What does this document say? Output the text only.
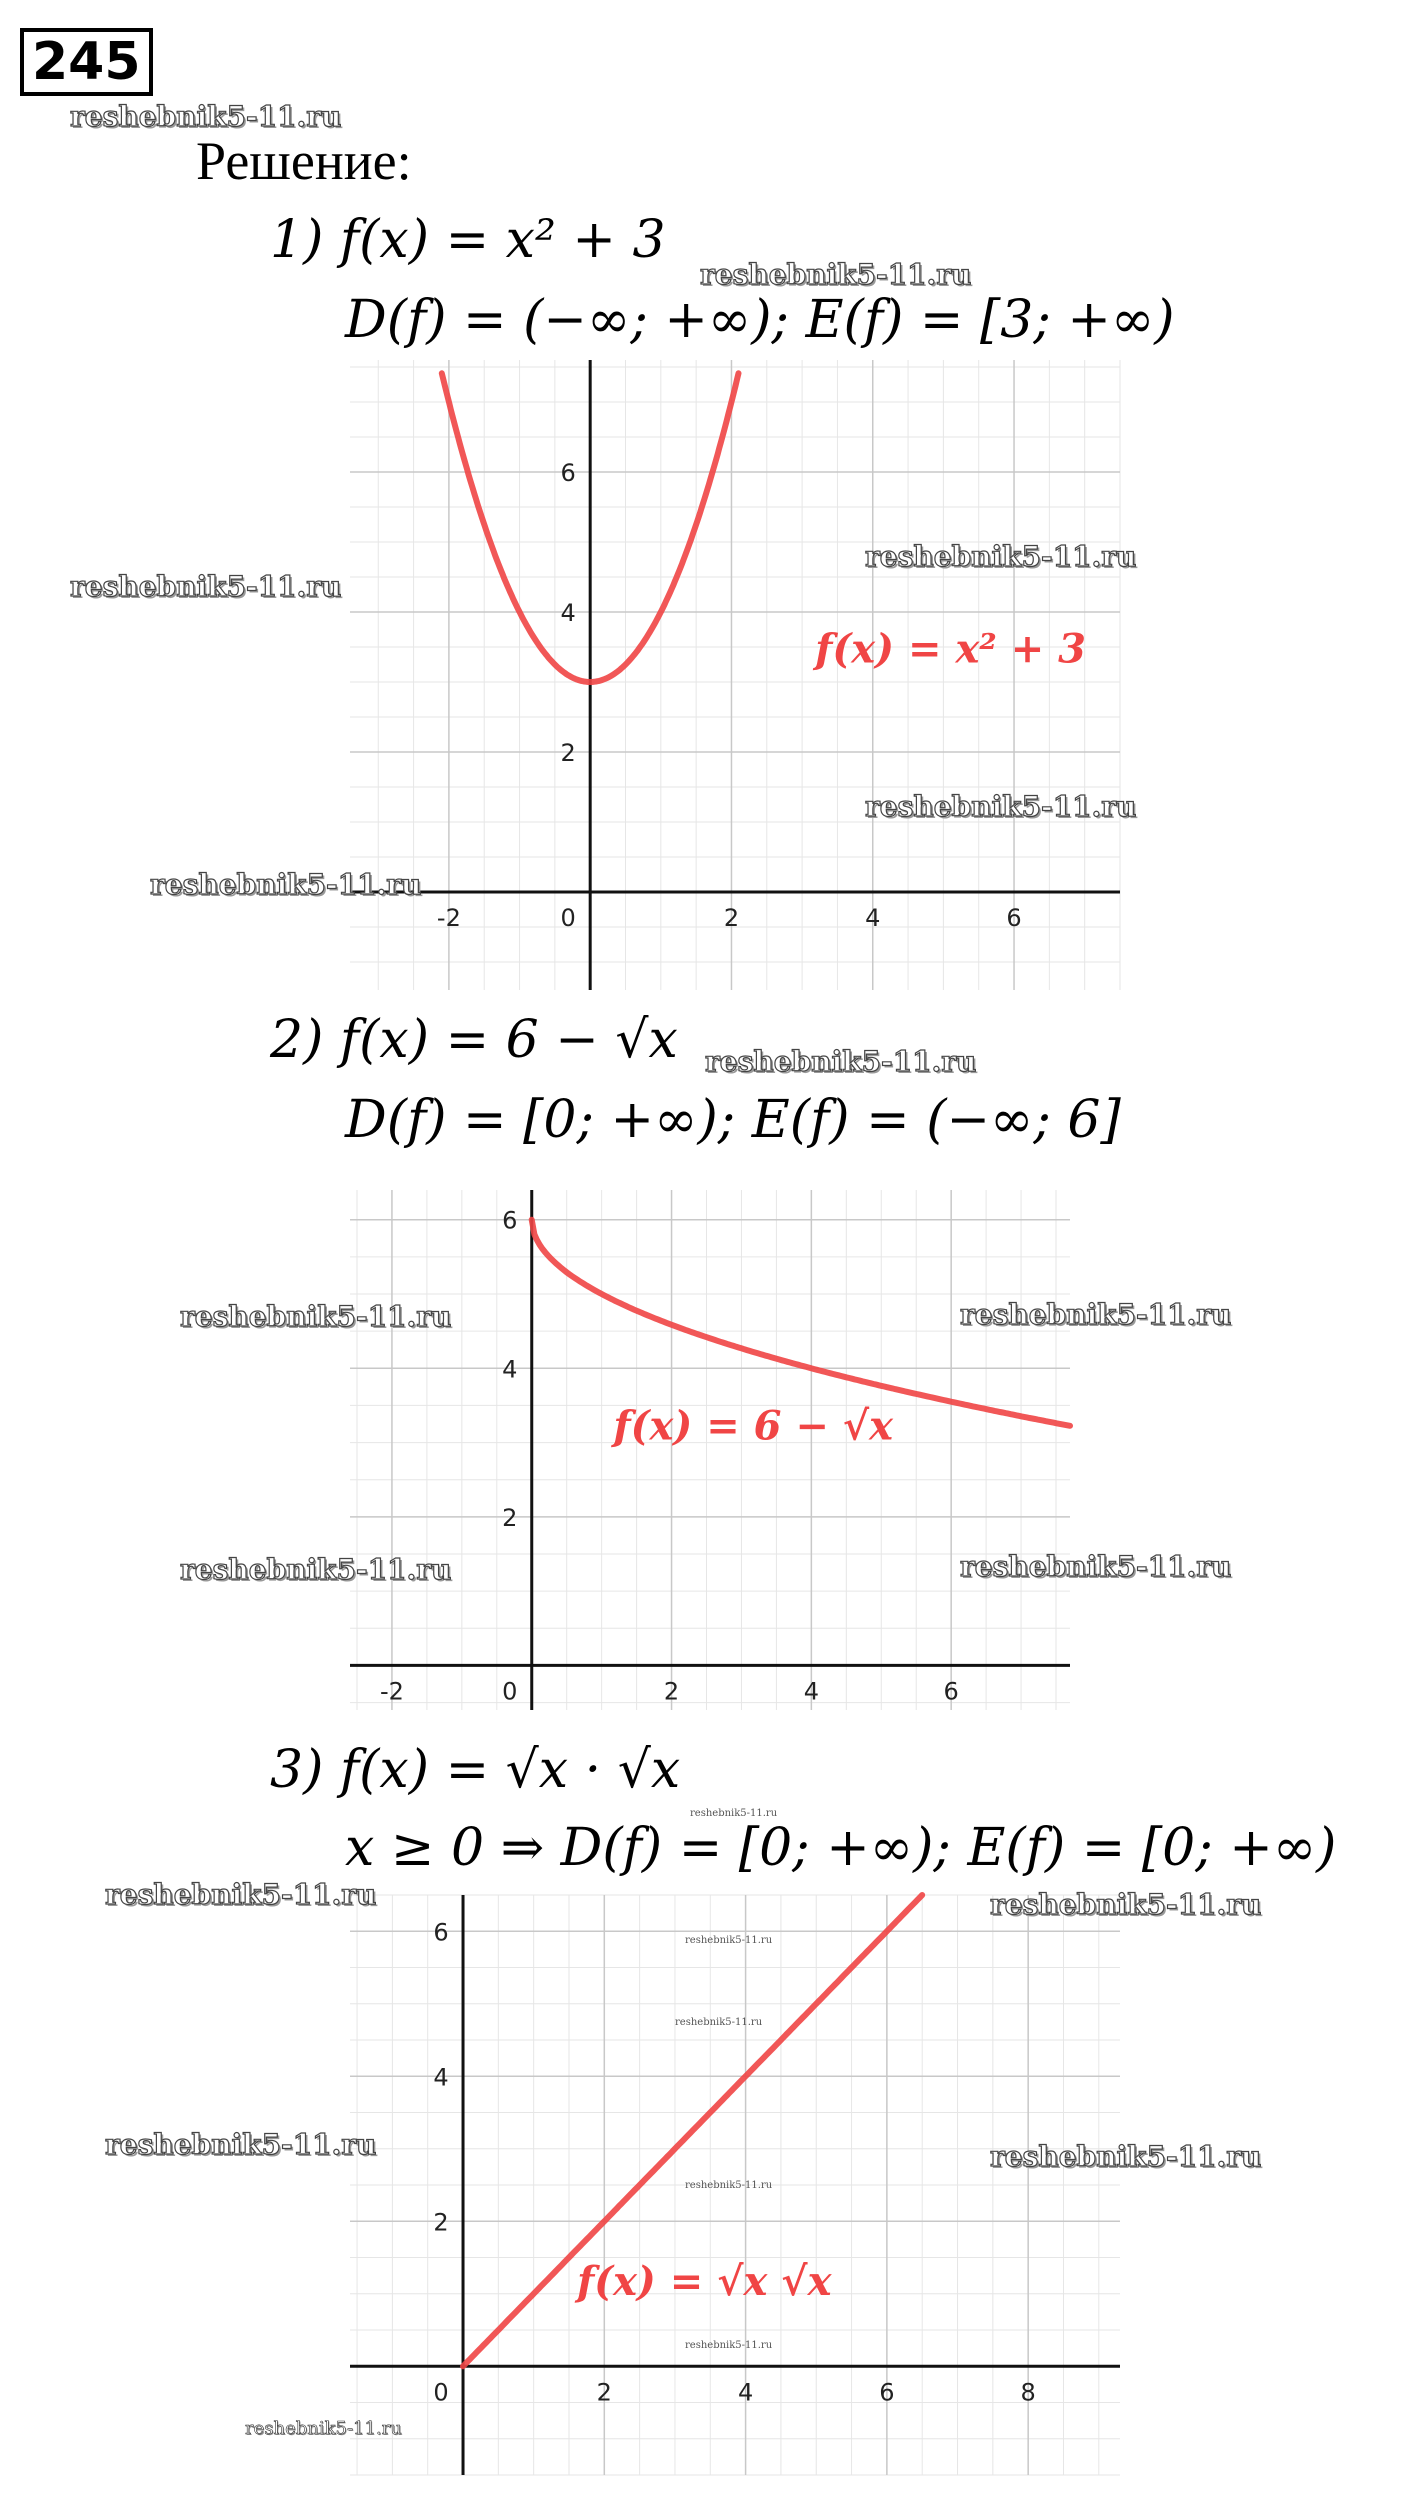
245
reshebnik5-11.ru
Решение:
1) f(x) = x² + 3
reshebnik5-11.ru
D(f) = (−∞; +∞); E(f) = [3; +∞)
-2	0	2	4	6
2
4
6
f(x) = x² + 3
reshebnik5-11.ru
reshebnik5-11.ru
reshebnik5-11.ru
reshebnik5-11.ru
2) f(x) = 6 − √x reshebnik5-11.ru
D(f) = [0; +∞); E(f) = (−∞; 6]
-2	0	2	4	6
2
4
6
f(x) = 6 − √x
reshebnik5-11.ru	reshebnik5-11.ru
reshebnik5-11.ru	reshebnik5-11.ru
3) f(x) = √x · √x
reshebnik5-11.ru
x ≥ 0 ⇒ D(f) = [0; +∞); E(f) = [0; +∞)
0	2	4	6	8
2
4
6
f(x) = √x √x
reshebnik5-11.ru	reshebnik5-11.ru
reshebnik5-11.ru	reshebnik5-11.ru
reshebnik5-11.ru
reshebnik5-11.ru
reshebnik5-11.ru
reshebnik5-11.ru
reshebnik5-11.ru
